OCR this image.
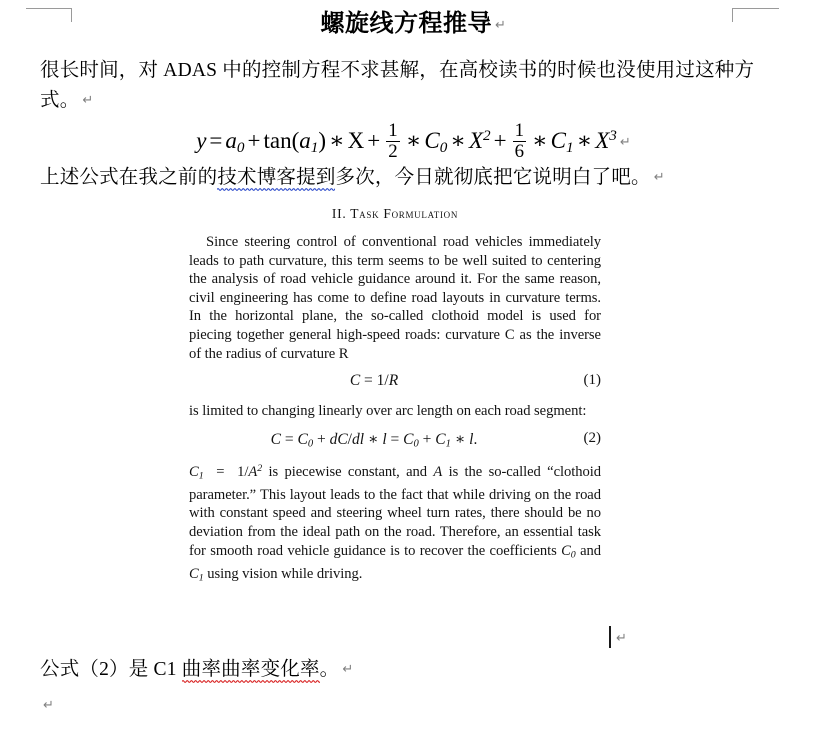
螺旋线方程推导 ↵
很长时间，对 ADAS 中的控制方程不求甚解，在高校读书的时候也没使用过这种方式。 ↵
$y = a_0 + \tan(a_1)$ ∗ $X + \frac{1}{2}$ ∗ $C_0$ ∗ $X^2 + \frac{1}{6}$ ∗ $C_1$ ∗ $X^3$ ↵
上述公式在我之前的技术博客提到多次，今日就彻底把它说明白了吧。 ↵
II. Task Formulation

Since steering control of conventional road vehicles immediately leads to path curvature, this term seems to be well suited to centering the analysis of road vehicle guidance around it. For the same reason, civil engineering has come to define road layouts in curvature terms. In the horizontal plane, the so-called clothoid model is used for piecing together general high-speed roads: curvature C as the inverse of the radius of curvature R

C = 1/R	(1)

is limited to changing linearly over arc length on each road segment:

C = C0 + dC/dl ∗ l = C0 + C1 ∗ l.	(2)

$C1 = 1/A^2$ is piecewise constant, and A is the so-called “clothoid parameter.” This layout leads to the fact that while driving on the road with constant speed and steering wheel turn rates, there should be no deviation from the ideal path on the road. Therefore, an essential task for smooth road vehicle guidance is to recover the coefficients C0 and C1 using vision while driving.

↵
公式（2）是 C1 曲率曲率变化率。 ↵
↵
